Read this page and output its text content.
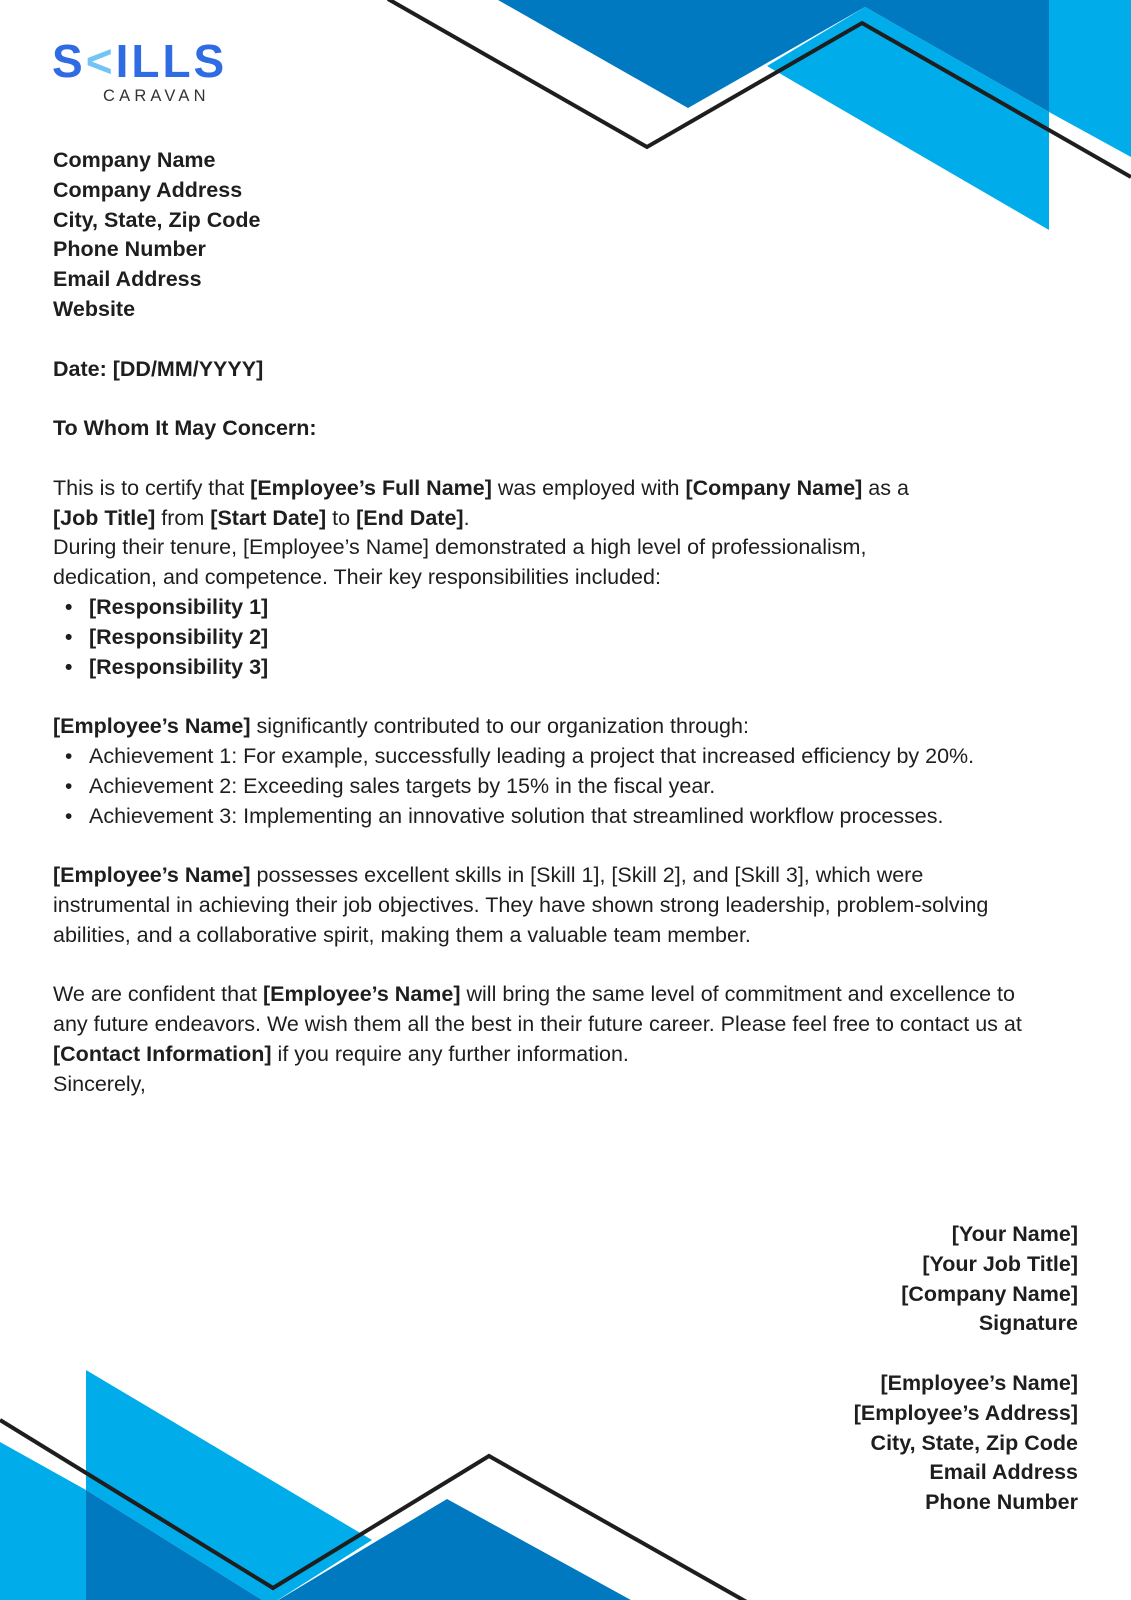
S<ILLS
CARAVAN
Company Name
Company Address
City, State, Zip Code
Phone Number
Email Address
Website
Date: [DD/MM/YYYY]
To Whom It May Concern:
This is to certify that [Employee’s Full Name] was employed with [Company Name] as a
[Job Title] from [Start Date] to [End Date].
During their tenure, [Employee’s Name] demonstrated a high level of professionalism,
dedication, and competence. Their key responsibilities included:
• [Responsibility 1]
• [Responsibility 2]
• [Responsibility 3]
[Employee’s Name] significantly contributed to our organization through:
• Achievement 1: For example, successfully leading a project that increased efficiency by 20%.
• Achievement 2: Exceeding sales targets by 15% in the fiscal year.
• Achievement 3: Implementing an innovative solution that streamlined workflow processes.

[Employee’s Name] possesses excellent skills in [Skill 1], [Skill 2], and [Skill 3], which were instrumental in achieving their job objectives. They have shown strong leadership, problem-solving abilities, and a collaborative spirit, making them a valuable team member.

We are confident that [Employee’s Name] will bring the same level of commitment and excellence to any future endeavors. We wish them all the best in their future career. Please feel free to contact us at [Contact Information] if you require any further information.

Sincerely,
[Your Name]
[Your Job Title]
[Company Name]
Signature
[Employee’s Name]
[Employee’s Address]
City, State, Zip Code
Email Address
Phone Number
